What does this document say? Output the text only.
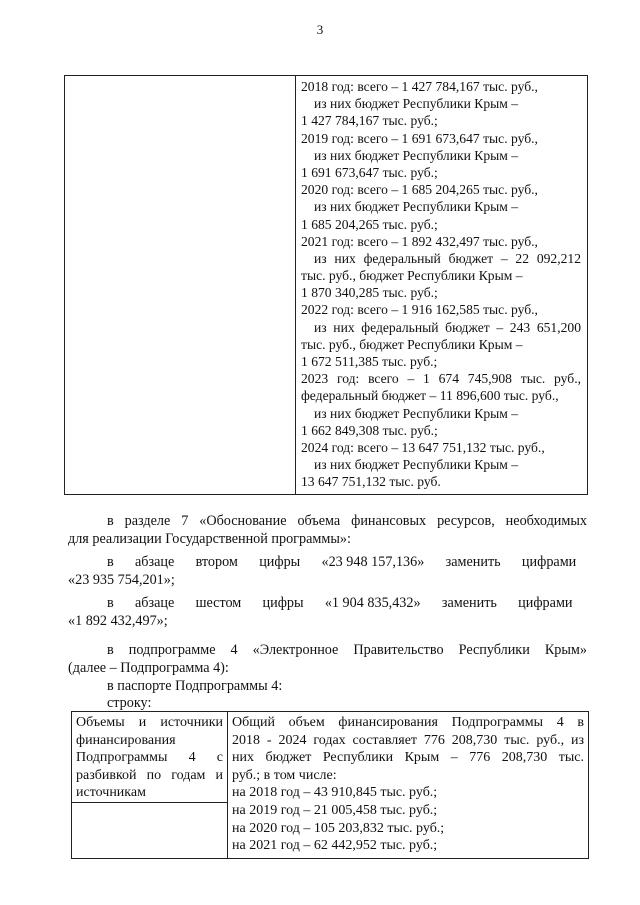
3
2018 год: всего – 1 427 784,167 тыс. руб.,
из них бюджет Республики Крым –
1 427 784,167 тыс. руб.;
2019 год: всего – 1 691 673,647 тыс. руб.,
из них бюджет Республики Крым –
1 691 673,647 тыс. руб.;
2020 год: всего – 1 685 204,265 тыс. руб.,
из них бюджет Республики Крым –
1 685 204,265 тыс. руб.;
2021 год: всего – 1 892 432,497 тыс. руб.,
из них федеральный бюджет – 22 092,212
тыс. руб., бюджет Республики Крым –
1 870 340,285 тыс. руб.;
2022 год: всего – 1 916 162,585 тыс. руб.,
из них федеральный бюджет – 243 651,200
тыс. руб., бюджет Республики Крым –
1 672 511,385 тыс. руб.;
2023 год: всего – 1 674 745,908 тыс. руб.,
федеральный бюджет – 11 896,600 тыс. руб.,
из них бюджет Республики Крым –
1 662 849,308 тыс. руб.;
2024 год: всего – 13 647 751,132 тыс. руб.,
из них бюджет Республики Крым –
13 647 751,132 тыс. руб.
в разделе 7 «Обоснование объема финансовых ресурсов, необходимых
для реализации Государственной программы»:
в      абзаце      втором      цифры      «23 948 157,136»      заменить      цифрами
«23 935 754,201»;
в      абзаце      шестом      цифры      «1 904 835,432»      заменить      цифрами
«1 892 432,497»;
в подпрограмме 4 «Электронное Правительство Республики Крым»
(далее – Подпрограмма 4):
в паспорте Подпрограммы 4:
строку:
Объемы и источники
финансирования
Подпрограммы 4 с
разбивкой по годам и
источникам
Общий объем финансирования Подпрограммы 4 в
2018 - 2024 годах составляет 776 208,730 тыс. руб., из
них бюджет Республики Крым – 776 208,730 тыс.
руб.; в том числе:
на 2018 год – 43 910,845 тыс. руб.;
на 2019 год – 21 005,458 тыс. руб.;
на 2020 год – 105 203,832 тыс. руб.;
на 2021 год – 62 442,952 тыс. руб.;
